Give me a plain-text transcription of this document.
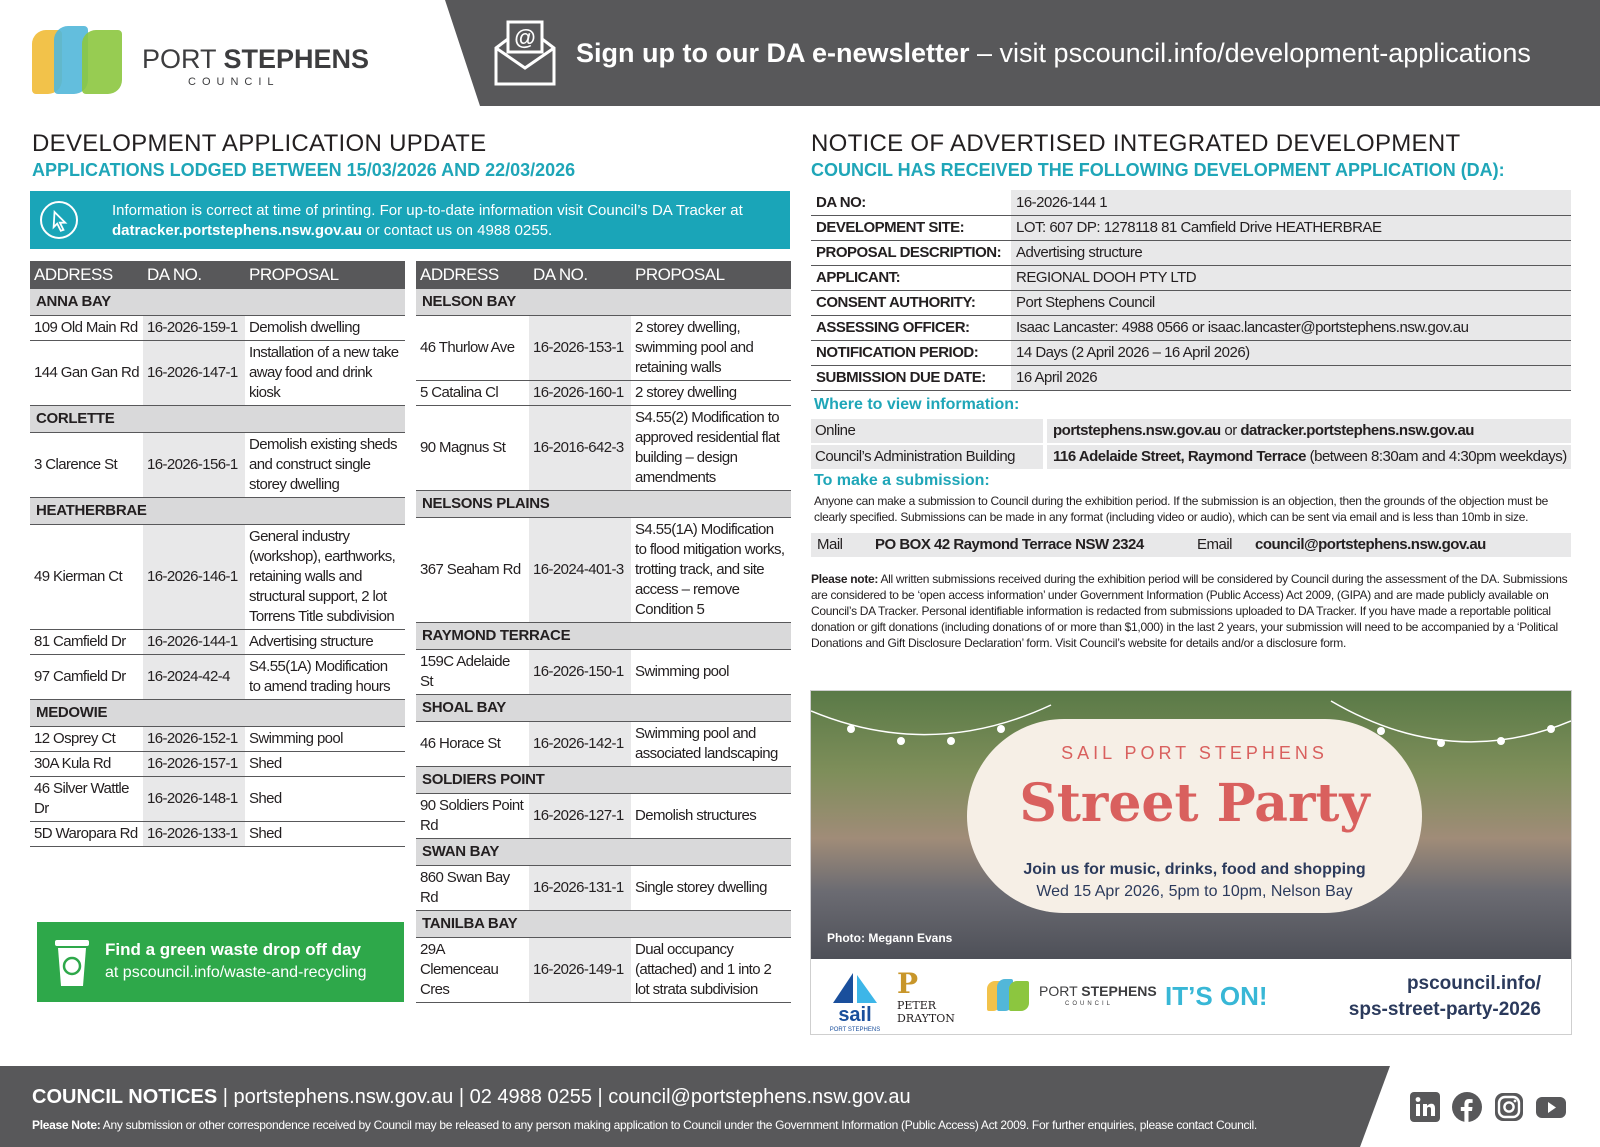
PORT STEPHENS
COUNCIL
@
Sign up to our DA e-newsletter – visit pscouncil.info/development-applications
DEVELOPMENT APPLICATION UPDATE
APPLICATIONS LODGED BETWEEN 15/03/2026 AND 22/03/2026
Information is correct at time of printing. For up-to-date information visit Council’s DA Tracker at
datracker.portstephens.nsw.gov.au or contact us on 4988 0255.
ADDRESS	DA NO.	PROPOSAL
ANNA BAY		
109 Old Main Rd	16-2026-159-1	Demolish dwelling
144 Gan Gan Rd	16-2026-147-1	Installation of a new take away food and drink kiosk
CORLETTE		
3 Clarence St	16-2026-156-1	Demolish existing sheds and construct single storey dwelling
HEATHERBRAE		
49 Kierman Ct	16-2026-146-1	General industry (workshop), earthworks, retaining walls and structural support, 2 lot Torrens Title subdivision
81 Camfield Dr	16-2026-144-1	Advertising structure
97 Camfield Dr	16-2024-42-4	S4.55(1A) Modification to amend trading hours
MEDOWIE		
12 Osprey Ct	16-2026-152-1	Swimming pool
30A Kula Rd	16-2026-157-1	Shed
46 Silver Wattle Dr	16-2026-148-1	Shed
5D Waropara Rd	16-2026-133-1	Shed
ADDRESS	DA NO.	PROPOSAL
NELSON BAY		
46 Thurlow Ave	16-2026-153-1	2 storey dwelling, swimming pool and retaining walls
5 Catalina Cl	16-2026-160-1	2 storey dwelling
90 Magnus St	16-2016-642-3	S4.55(2) Modification to approved residential flat building – design amendments
NELSONS PLAINS		
367 Seaham Rd	16-2024-401-3	S4.55(1A) Modification to flood mitigation works, trotting track, and site access – remove Condition 5
RAYMOND TERRACE		
159C Adelaide St	16-2026-150-1	Swimming pool
SHOAL BAY		
46 Horace St	16-2026-142-1	Swimming pool and associated landscaping
SOLDIERS POINT		
90 Soldiers Point Rd	16-2026-127-1	Demolish structures
SWAN BAY		
860 Swan Bay Rd	16-2026-131-1	Single storey dwelling
TANILBA BAY		
29A Clemenceau Cres	16-2026-149-1	Dual occupancy (attached) and 1 into 2 lot strata subdivision
Find a green waste drop off day
at pscouncil.info/waste-and-recycling
NOTICE OF ADVERTISED INTEGRATED DEVELOPMENT
COUNCIL HAS RECEIVED THE FOLLOWING DEVELOPMENT APPLICATION (DA):
DA NO:	16-2026-144 1
DEVELOPMENT SITE:	LOT: 607 DP: 1278118 81 Camfield Drive HEATHERBRAE
PROPOSAL DESCRIPTION:	Advertising structure
APPLICANT:	REGIONAL DOOH PTY LTD
CONSENT AUTHORITY:	Port Stephens Council
ASSESSING OFFICER:	Isaac Lancaster: 4988 0566 or isaac.lancaster@portstephens.nsw.gov.au
NOTIFICATION PERIOD:	14 Days (2 April 2026 – 16 April 2026)
SUBMISSION DUE DATE:	16 April 2026
Where to view information:
Online	portstephens.nsw.gov.au or datracker.portstephens.nsw.gov.au
Council’s Administration Building	116 Adelaide Street, Raymond Terrace (between 8:30am and 4:30pm weekdays)
To make a submission:
Anyone can make a submission to Council during the exhibition period. If the submission is an objection, then the grounds of the objection must be clearly specified. Submissions can be made in any format (including video or audio), which can be sent via email and is less than 10mb in size.
Mail PO BOX 42 Raymond Terrace NSW 2324	Email council@portstephens.nsw.gov.au
Please note: All written submissions received during the exhibition period will be considered by Council during the assessment of the DA. Submissions are considered to be ‘open access information’ under Government Information (Public Access) Act 2009, (GIPA) and are made publicly available on Council’s DA Tracker. Personal identifiable information is redacted from submissions uploaded to DA Tracker. If you have made a reportable political donation or gift donations (including donations of or more than $1,000) in the last 2 years, your submission will need to be accompanied by a ‘Political Donations and Gift Disclosure Declaration’ form. Visit Council’s website for details and/or a disclosure form.
SAIL PORT STEPHENS
Street Party
Join us for music, drinks, food and shopping
Wed 15 Apr 2026, 5pm to 10pm, Nelson Bay
Photo: Megann Evans
sail
PORT STEPHENS
P
PETER
DRAYTON
PORT STEPHENS
COUNCIL IT’S ON!	pscouncil.info/
sps-street-party-2026
COUNCIL NOTICES | portstephens.nsw.gov.au | 02 4988 0255 | council@portstephens.nsw.gov.au
Please Note: Any submission or other correspondence received by Council may be released to any person making application to Council under the Government Information (Public Access) Act 2009. For further enquiries, please contact Council.
